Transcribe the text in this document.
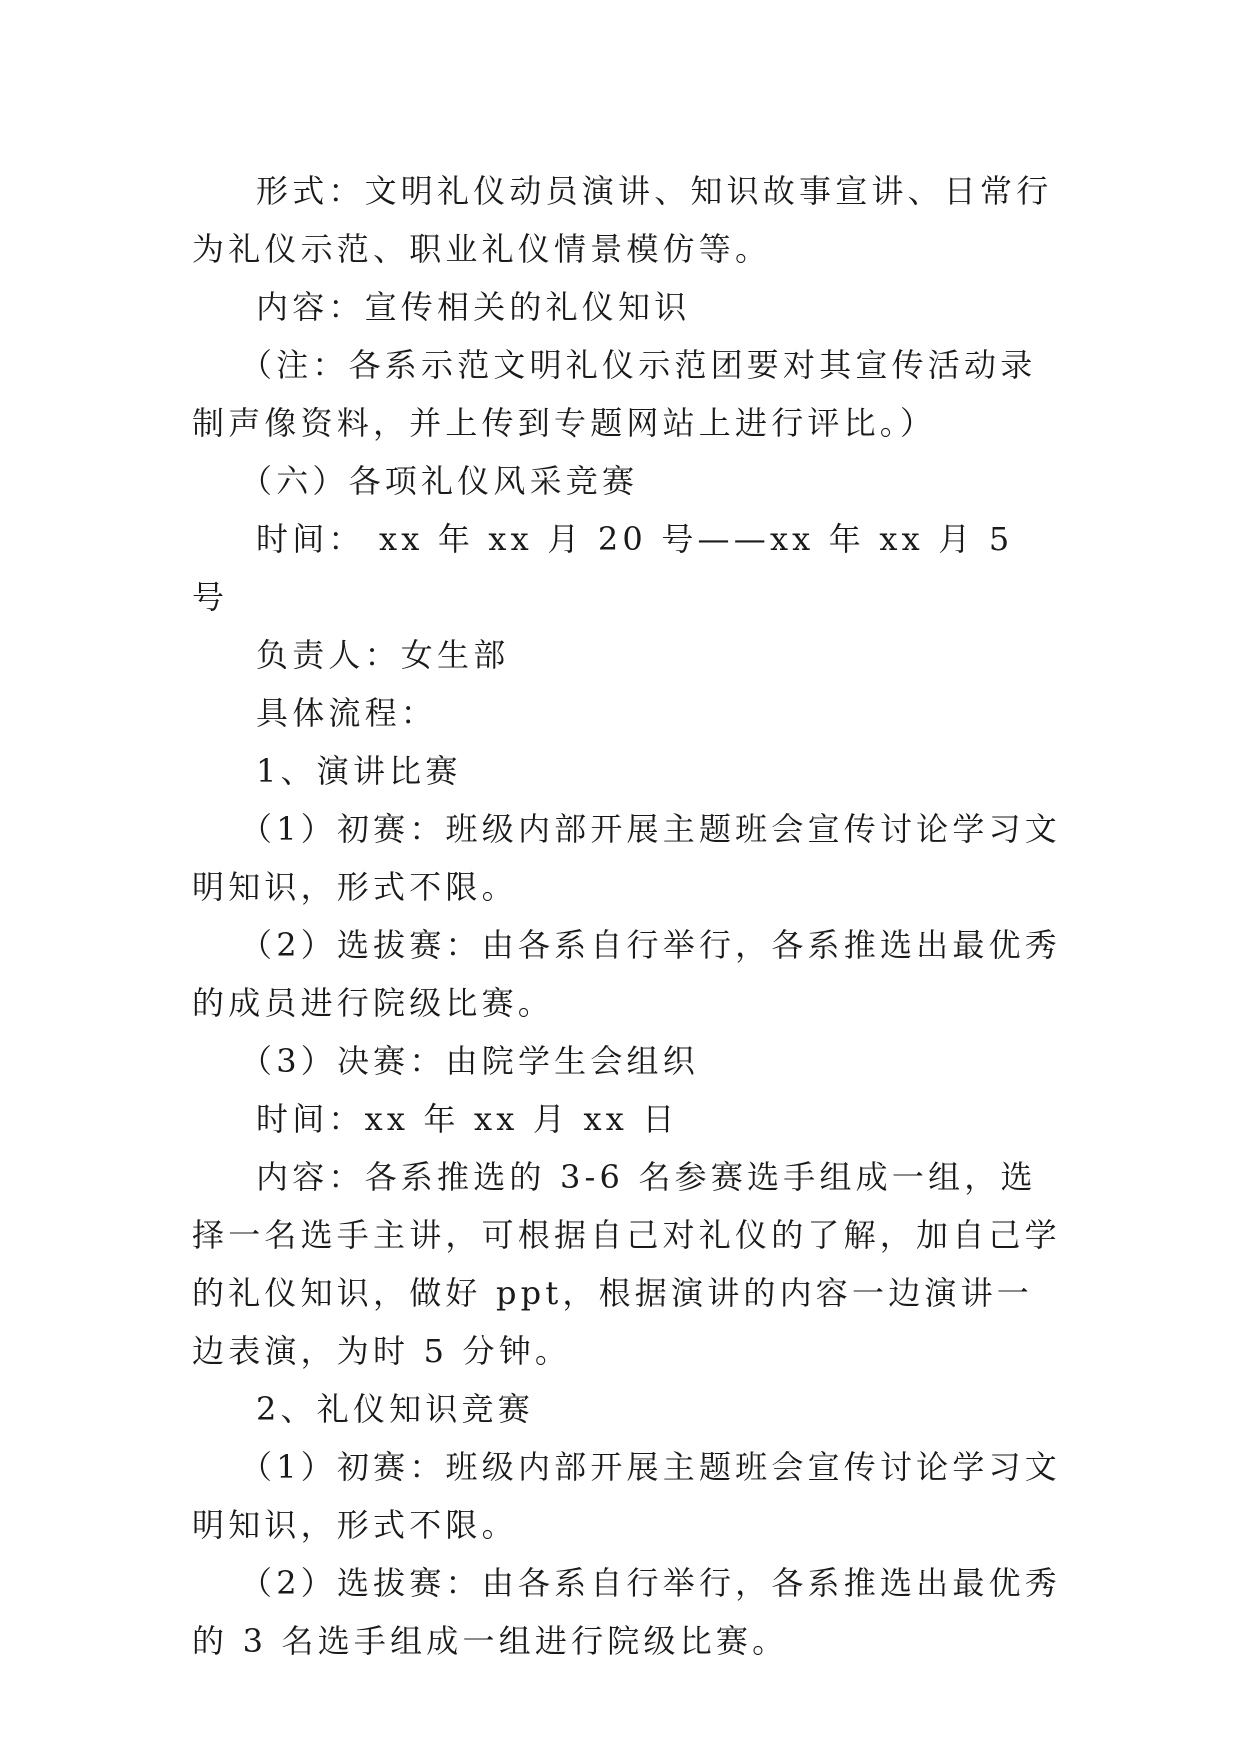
形式：文明礼仪动员演讲、知识故事宣讲、日常行为礼仪示范、职业礼仪情景模仿等。

内容：宣传相关的礼仪知识

（注：各系示范文明礼仪示范团要对其宣传活动录制声像资料，并上传到专题网站上进行评比。）

（六）各项礼仪风采竞赛

时间： xx 年 xx 月 20 号——xx 年 xx 月 5 号

负责人：女生部

具体流程：

1、演讲比赛

（1）初赛：班级内部开展主题班会宣传讨论学习文明知识，形式不限。

（2）选拔赛：由各系自行举行，各系推选出最优秀的成员进行院级比赛。

（3）决赛：由院学生会组织

时间：xx 年 xx 月 xx 日

内容：各系推选的 3-6 名参赛选手组成一组，选择一名选手主讲，可根据自己对礼仪的了解，加自己学的礼仪知识，做好 ppt，根据演讲的内容一边演讲一边表演，为时 5 分钟。

2、礼仪知识竞赛

（1）初赛：班级内部开展主题班会宣传讨论学习文明知识，形式不限。

（2）选拔赛：由各系自行举行，各系推选出最优秀的 3 名选手组成一组进行院级比赛。
